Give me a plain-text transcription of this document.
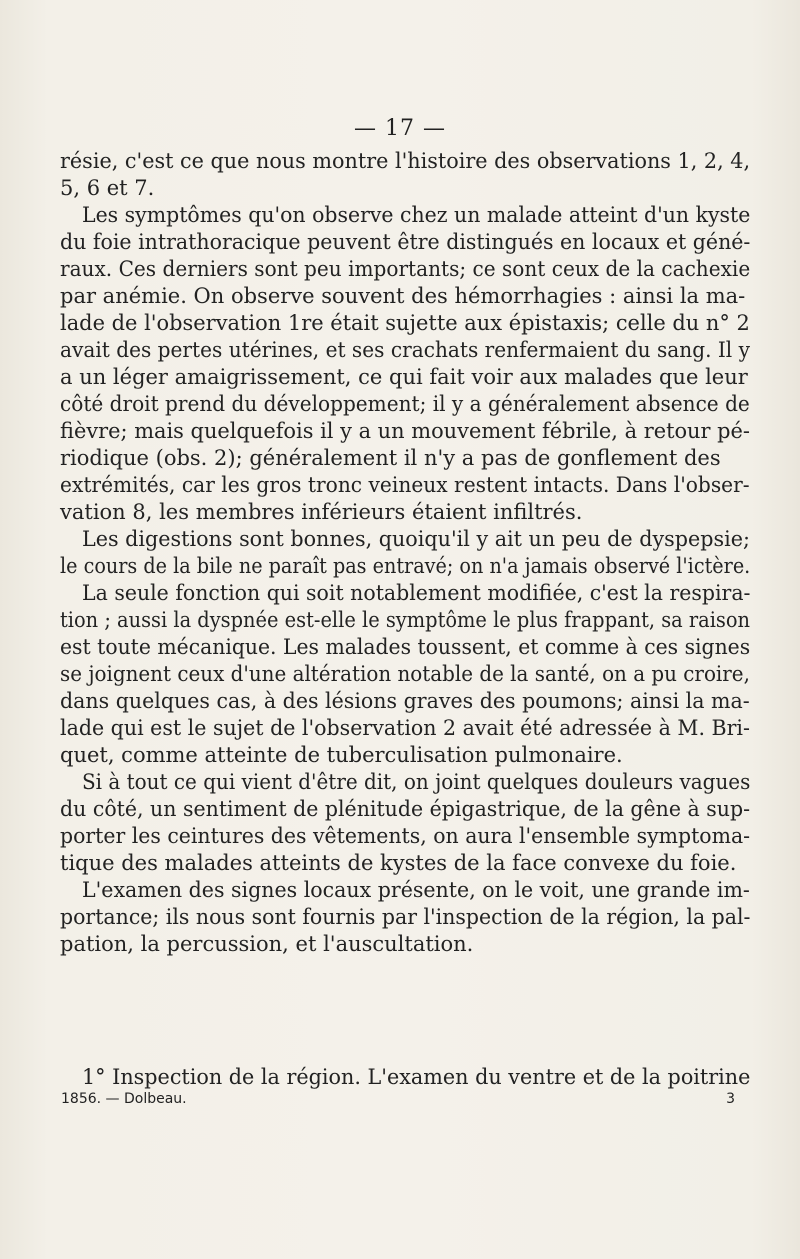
— 17 —
résie, c'est ce que nous montre l'histoire des observations 1, 2, 4,
5, 6 et 7.
Les symptômes qu'on observe chez un malade atteint d'un kyste
du foie intrathoracique peuvent être distingués en locaux et géné-
raux. Ces derniers sont peu importants; ce sont ceux de la cachexie
par anémie. On observe souvent des hémorrhagies : ainsi la ma-
lade de l'observation 1re était sujette aux épistaxis; celle du n° 2
avait des pertes utérines, et ses crachats renfermaient du sang. Il y
a un léger amaigrissement, ce qui fait voir aux malades que leur
côté droit prend du développement; il y a généralement absence de
fièvre; mais quelquefois il y a un mouvement fébrile, à retour pé-
riodique (obs. 2); généralement il n'y a pas de gonflement des
extrémités, car les gros tronc veineux restent intacts. Dans l'obser-
vation 8, les membres inférieurs étaient infiltrés.
Les digestions sont bonnes, quoiqu'il y ait un peu de dyspepsie;
le cours de la bile ne paraît pas entravé; on n'a jamais observé l'ictère.
La seule fonction qui soit notablement modifiée, c'est la respira-
tion ; aussi la dyspnée est-elle le symptôme le plus frappant, sa raison
est toute mécanique. Les malades toussent, et comme à ces signes
se joignent ceux d'une altération notable de la santé, on a pu croire,
dans quelques cas, à des lésions graves des poumons; ainsi la ma-
lade qui est le sujet de l'observation 2 avait été adressée à M. Bri-
quet, comme atteinte de tuberculisation pulmonaire.
Si à tout ce qui vient d'être dit, on joint quelques douleurs vagues
du côté, un sentiment de plénitude épigastrique, de la gêne à sup-
porter les ceintures des vêtements, on aura l'ensemble symptoma-
tique des malades atteints de kystes de la face convexe du foie.
L'examen des signes locaux présente, on le voit, une grande im-
portance; ils nous sont fournis par l'inspection de la région, la pal-
pation, la percussion, et l'auscultation.
1° Inspection de la région. L'examen du ventre et de la poitrine
1856. — Dolbeau.	3
